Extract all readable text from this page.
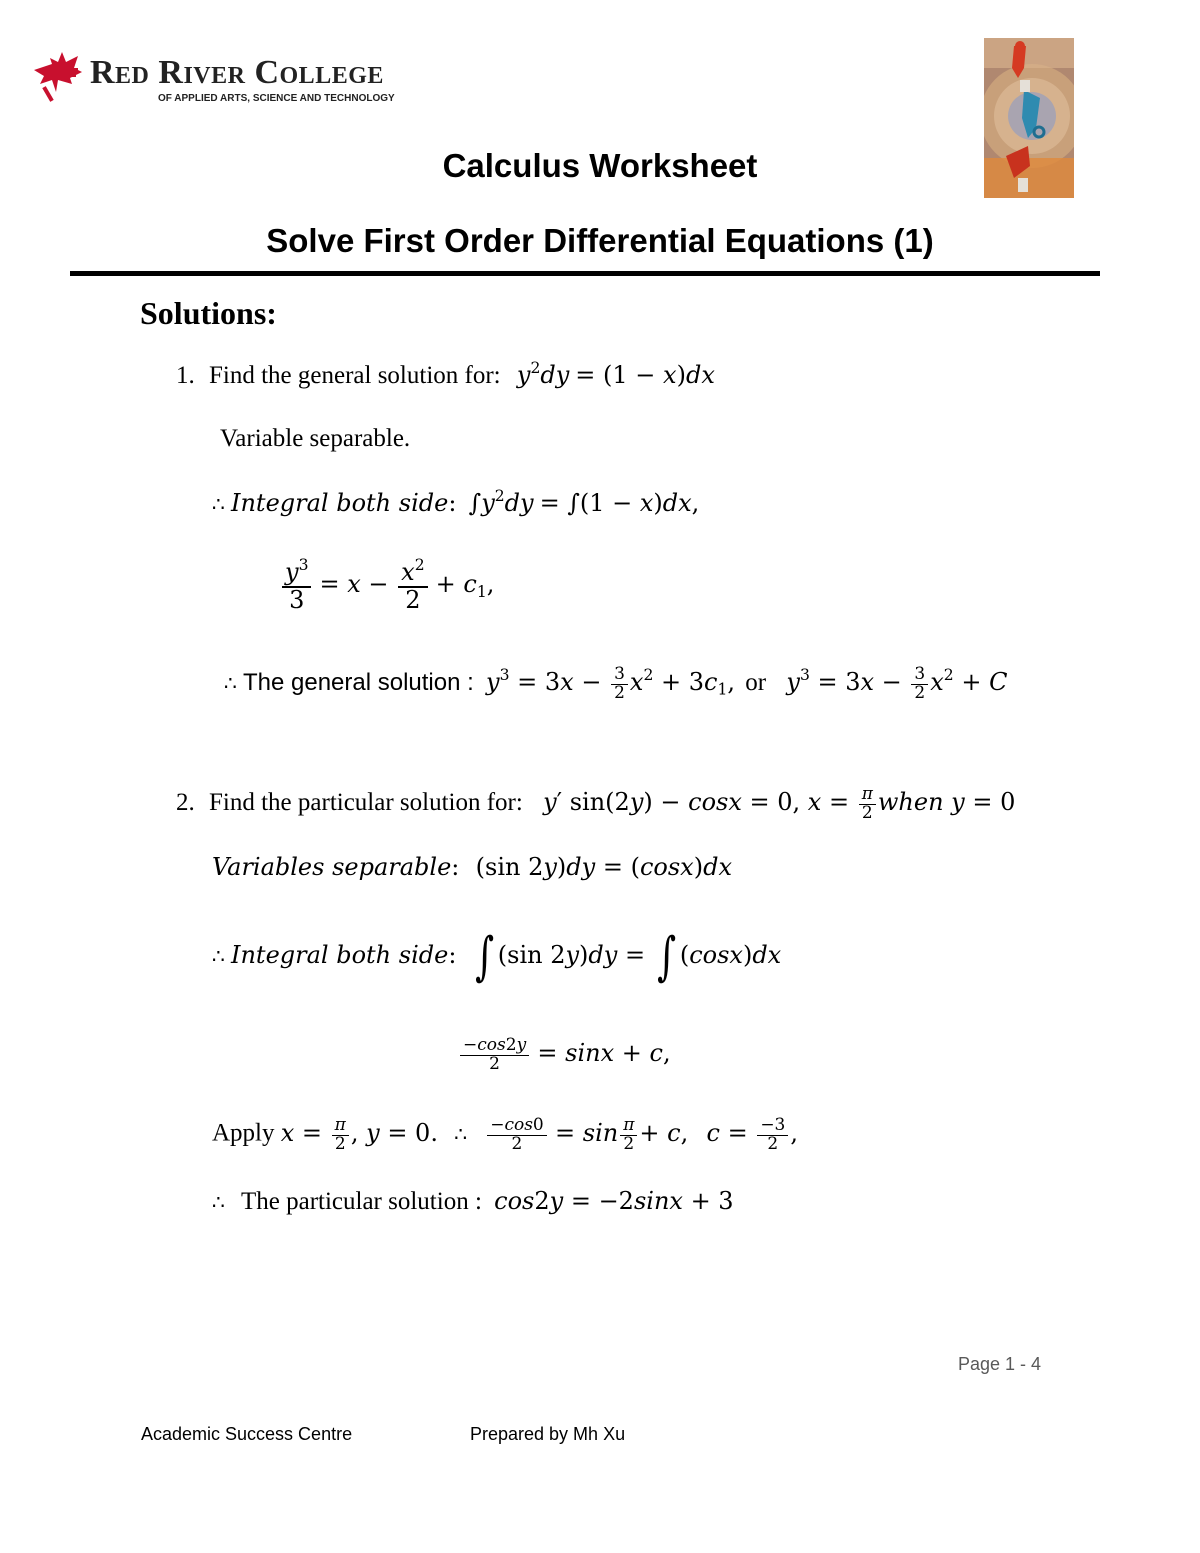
Red River College
OF APPLIED ARTS, SCIENCE AND TECHNOLOGY
Calculus Worksheet
Solve First Order Differential Equations (1)
Solutions:
1. Find the general solution for: $y^2dy = (1 - x)dx$
Variable separable.
∴ Integral both side: $\int y^2dy = \int(1 - x)dx$,
$\frac{y^3}{3} = x - \frac{x^2}{2} + c_1$,
∴ The general solution : $y^3 = 3x - \frac{3}{2} x^2 + 3c_1$, or $y^3 = 3x - \frac{3}{2} x^2 + C$
2. Find the particular solution for: y′ sin(2y) − cosx = 0, $x = \frac{\pi}{2}$ when y = 0
Variables separable: (sin 2y)dy = (cosx)dx
∴ Integral both side: ∫ (sin 2y)dy = ∫ (cosx)dx
$\frac{-\cos 2y}{2} = \sin x + c$,
Apply $x = \frac{\pi}{2}$ , y = 0. ∴ $\frac{-\cos 0}{2} = \sin \frac{\pi}{2} + c$, $c = \frac{-3}{2}$ ,
∴ The particular solution : cos2y = −2sinx + 3
Page 1 - 4
Academic Success Centre	Prepared by Mh Xu
